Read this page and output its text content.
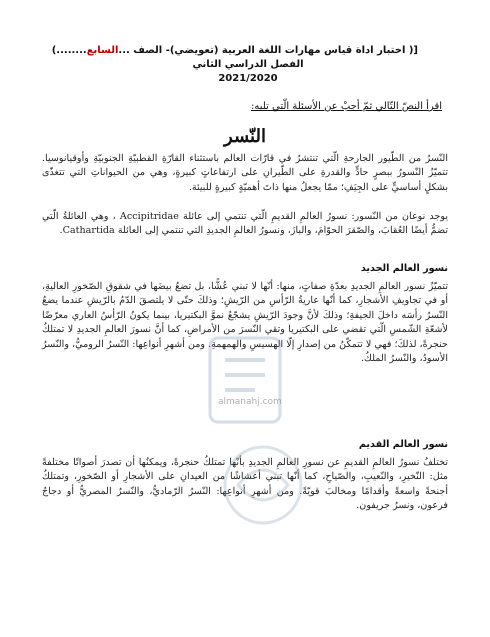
[( اختبار اداة قياس مهارات اللغة العربية (تعويضي)- الصف ...السابع........)
الفصل الدراسي الثاني
2021/2020
اقرأ النصّ التّالي ثمّ أجبْ عن الأسئلة الّتي تليه:
النّسر
النّسرُ من الطّيور الجارحةِ الّتي تنتشرُ في قارّات العالم باستثناء القارّةِ القطبيّةِ الجنوبيّةِ وأوقيانوسيا. تتميّزُ النّسورُ ببصرٍ حادٍّ والقدرةِ على الطّيرانِ على ارتفاعاتٍ كبيرةٍ، وهي من الحيواناتِ التي تتغذّى بشكلٍ أساسيٍّ على الجِيَفِ؛ ممّا يجعلُ منها ذاتَ أهميّةٍ كبيرةٍ للبيئة.
يوجد نوعان من النّسور: نسورُ العالمِ القديمِ الّتي تنتمي إلى عائلة Accipitridae ، وهي العائلةُ الّتي تضمُّ أيضًا العُقابَ، والصّقرَ الحوّامَ، والبازَ، ونسورُ العالمِ الجديدِ التي تنتمي إلى العائلة Cathartida.
نسور العالم الجديد
تتميّزُ نسور العالمِ الجديدِ بعدّةِ صفاتٍ، منها: أنّها لا تبني عُشًّا، بل تضعُ بيضَها في شقوقِ الصّخورِ العاليةِ، أو في تجاويفِ الأشجارِ، كما أنّها عاريةُ الرّأسِ من الرّيشِ؛ وذلكَ حتّى لا يلتصقَ الدّمُ بالرّيشِ عندما يضعُ النّسرُ رأسَه داخلَ الجيفةِ؛ وذلكَ لأنَّ وجودَ الرّيشِ يشجّعُ نموَّ البكتيريا، بينما يكونُ الرّأسُ العاري معرّضًا لأشعّةِ الشّمسِ الّتي تقضي على البكتيريا وتقي النّسرَ من الأمراضِ، كما أنَّ نسورَ العالمِ الجديدِ لا تمتلكُ حنجرةً، لذلكَ؛ فهي لا تتمكّنُ من إصدارِ إلّا الهسيسِ والهمهمةِ. ومن أشهرِ أنواعِها: النّسرُ الروميُّ، والنّسرُ الأسودُ، والنّسرُ الملكُ.
نسور العالم القديم
تختلفُ نسورُ العالمِ القديمِ عن نسورِ العالمِ الجديدِ بأنّها تمتلكُ حنجرةً، ويمكنُها أن تصدرَ أصواتًا مختلفةً مثل: النّخيرِ، والنّعيبِ، والصّياحِ، كما أنّها تبني أعشاشًا من العيدانِ على الأشجارِ أو الصّخورِ، وتمتلكُ أجنحةً واسعةً وأقدامًا ومخالبَ قويّةً. ومن أشهرِ أنواعِها: النّسرُ الرّماديُّ، والنّسرُ المصريُّ أو دجاجُ فرعون، ونسرُ جريفون.
almanahj.com
